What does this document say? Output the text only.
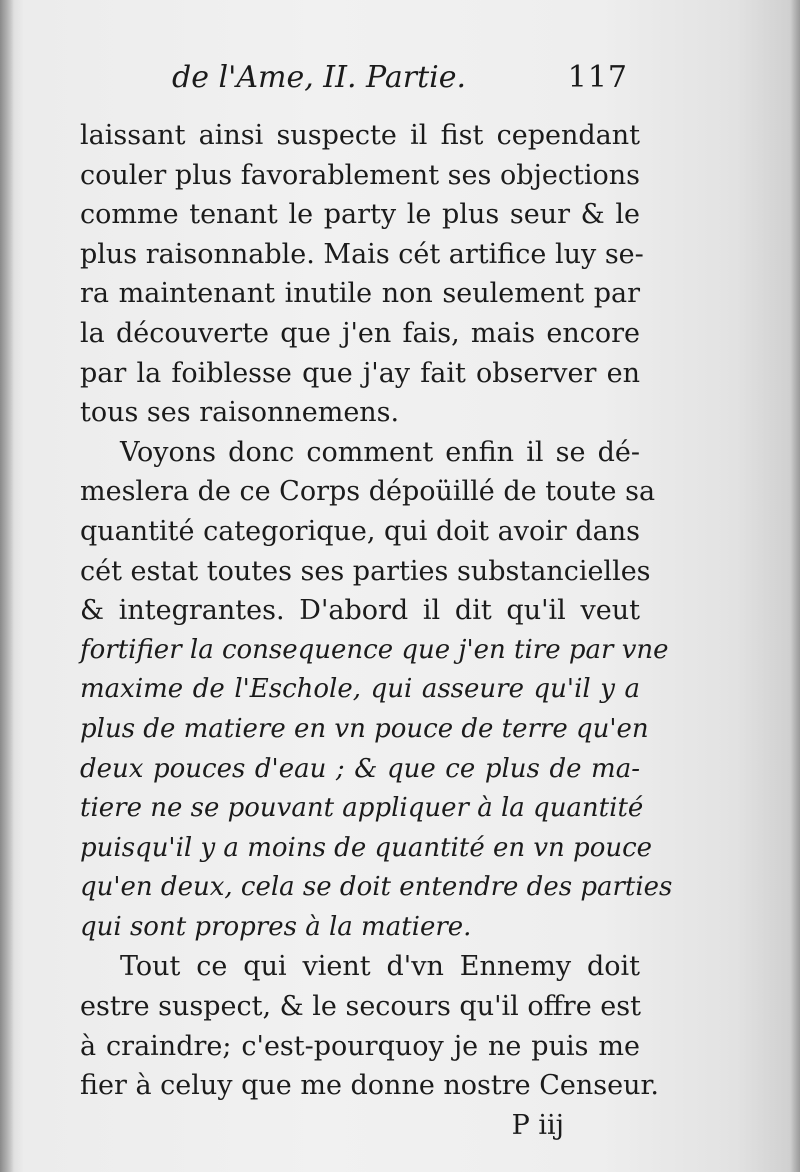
de l'Ame, II. Partie.	117
laissant ainsi suspecte il fist cependant
couler plus favorablement ses objections
comme tenant le party le plus seur & le
plus raisonnable. Mais cét artifice luy se-
ra maintenant inutile non seulement par
la découverte que j'en fais, mais encore
par la foiblesse que j'ay fait observer en
tous ses raisonnemens.
Voyons donc comment enfin il se dé-
meslera de ce Corps dépoüillé de toute sa
quantité categorique, qui doit avoir dans
cét estat toutes ses parties substancielles
& integrantes. D'abord il dit qu'il veut
fortifier la consequence que j'en tire par vne
maxime de l'Eschole, qui asseure qu'il y a
plus de matiere en vn pouce de terre qu'en
deux pouces d'eau ; & que ce plus de ma-
tiere ne se pouvant appliquer à la quantité
puisqu'il y a moins de quantité en vn pouce
qu'en deux, cela se doit entendre des parties
qui sont propres à la matiere.
Tout ce qui vient d'vn Ennemy doit
estre suspect, & le secours qu'il offre est
à craindre; c'est-pourquoy je ne puis me
fier à celuy que me donne nostre Censeur.
P iij
